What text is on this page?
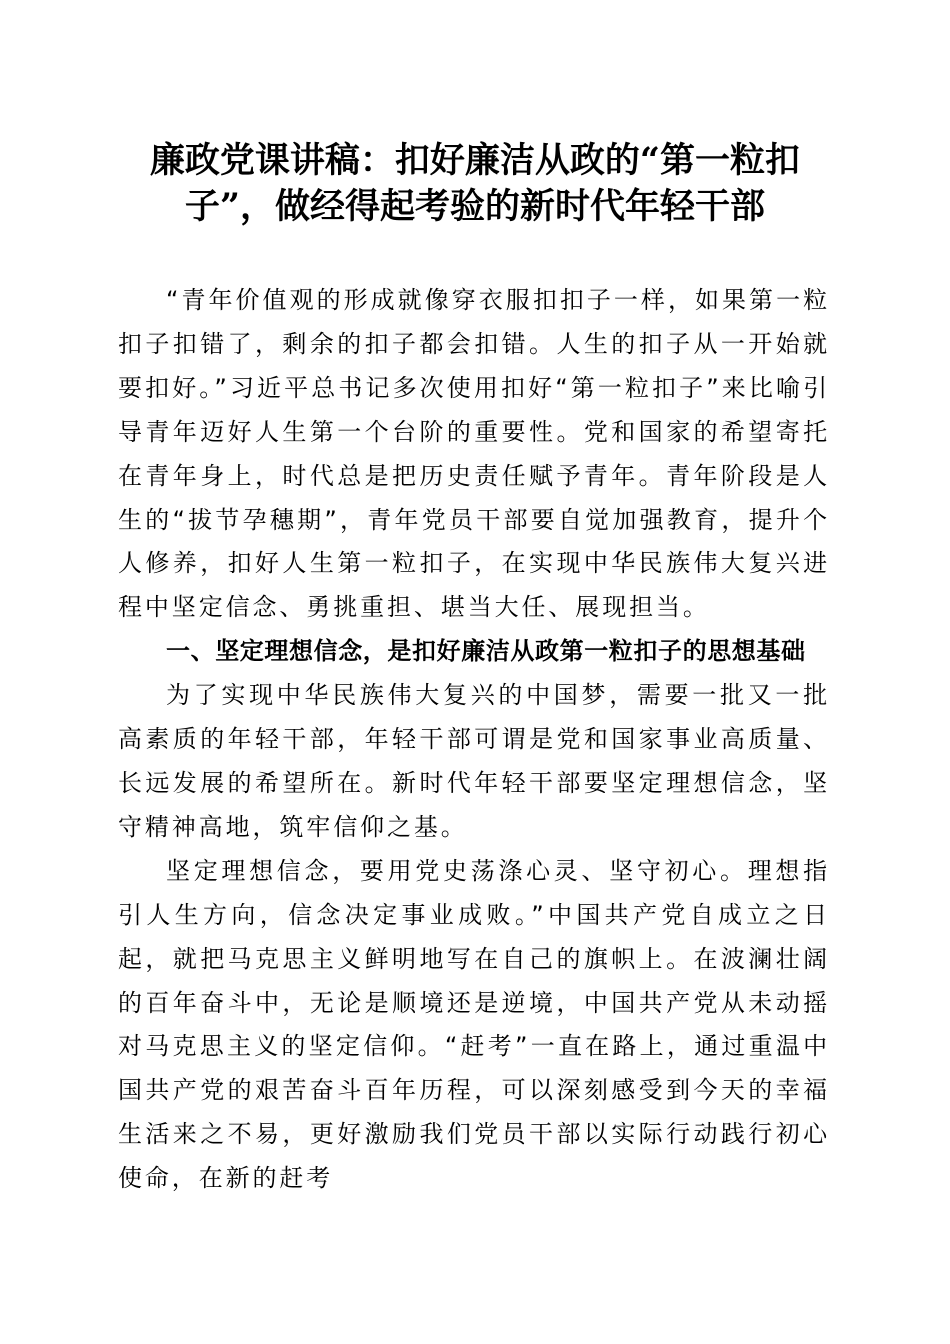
廉政党课讲稿：扣好廉洁从政的“第一粒扣
子”，做经得起考验的新时代年轻干部

“青年价值观的形成就像穿衣服扣扣子一样，如果第一粒扣子扣错了，剩余的扣子都会扣错。人生的扣子从一开始就要扣好。”习近平总书记多次使用扣好“第一粒扣子”来比喻引导青年迈好人生第一个台阶的重要性。党和国家的希望寄托在青年身上，时代总是把历史责任赋予青年。青年阶段是人生的“拔节孕穗期”，青年党员干部要自觉加强教育，提升个人修养，扣好人生第一粒扣子，在实现中华民族伟大复兴进程中坚定信念、勇挑重担、堪当大任、展现担当。

一、坚定理想信念，是扣好廉洁从政第一粒扣子的思想基础

为了实现中华民族伟大复兴的中国梦，需要一批又一批高素质的年轻干部，年轻干部可谓是党和国家事业高质量、长远发展的希望所在。新时代年轻干部要坚定理想信念，坚守精神高地，筑牢信仰之基。

坚定理想信念，要用党史荡涤心灵、坚守初心。理想指引人生方向，信念决定事业成败。”中国共产党自成立之日起，就把马克思主义鲜明地写在自己的旗帜上。在波澜壮阔的百年奋斗中，无论是顺境还是逆境，中国共产党从未动摇对马克思主义的坚定信仰。“赶考”一直在路上，通过重温中国共产党的艰苦奋斗百年历程，可以深刻感受到今天的幸福生活来之不易，更好激励我们党员干部以实际行动践行初心使命，在新的赶考
